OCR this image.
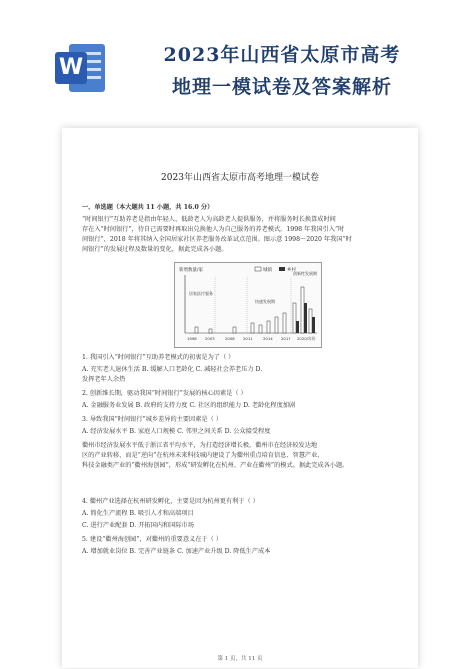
W	2023年山西省太原市高考
地理一模试卷及答案解析
2023年山西省太原市高考地理一模试卷
一、单选题（本大题共 11 小题，共 16.0 分）
“时间银行”互助养老是指由年轻人、低龄老人为高龄老人提供服务，并将服务时长换算成时间
存在入“时间银行”，待自己需要时再取出兑换他人为自己服务的养老模式。1998 年我国引入“时
间银行”，2018 年将其纳入全国居家社区养老服务改革试点范围。图示意 1998～2020 年我国“时
间银行”的发展过程及数量的变化，据此完成各小题。
新增数量/家	城镇	乡村
创新性发展期
居家医疗服务
快速发展期
1998 2003	2008 2011	2014 2017 2020/年份
1. 我国引入“时间银行”互助养老模式的初衷是为了（ ）
A. 充实老人退休生活 B. 缓解人口老龄化 C. 减轻社会养老压力 D.
发挥老年人余热
2. 创新维长期，驱动我国“时间银行”发展的核心因素是（ ）
A. 金融服务业发展 B. 政府的支持力度 C. 社区的组织能力 D. 老龄化程度加剧
3. 导致我国“时间银行”城乡差异的主要因素是（ ）
A. 经济发展水平 B. 家庭人口规模 C. 邻里之间关系 D. 公众接受程度
衢州市经济发展水平低于浙江省平均水平，为打造经济增长极，衢州市在经济较发达地
区的产业转移、而是“逆向”在杭州未来科技城内建设了为衢州重点培育信息、智慧产业、
科技金融类产业的“衢州海创园”，形成“研发孵化在杭州、产业在衢州”的模式。据此完成各小题。
4. 衢州产业选择在杭州研发孵化，主要是因为杭州更有利于（ ）
A. 简化生产流程 B. 吸引人才和高端项目
C. 进行产业配套 D. 开拓国内和国际市场
5. 建设“衢州海创园”，对衢州的重要意义在于（ ）
A. 增加就业岗位 B. 完善产业链条 C. 加速产业升级 D. 降低生产成本
第 1 页，共 11 页
